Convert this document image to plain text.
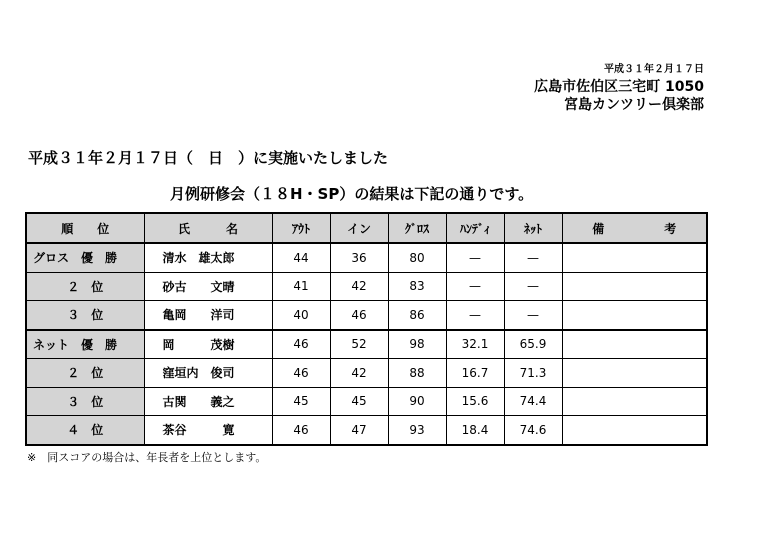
平成３１年２月１７日
広島市佐伯区三宅町 1050
宮島カンツリー倶楽部
平成３１年２月１７日（　日　）に実施いたしました
月例研修会（１８H・SP）の結果は下記の通りです。
順　　位	氏　　　名	ｱｳﾄ	イン	ｸﾞﾛｽ	ﾊﾝﾃﾞｨ	ﾈｯﾄ	備　　　　　考
グロス　優　勝	清水　雄太郎	44	36	80	—	—	
２　位	砂古　　文晴	41	42	83	—	—	
３　位	亀岡　　洋司	40	46	86	—	—	
ネット　優　勝	岡　　　茂樹	46	52	98	32.1	65.9	
２　位	窪垣内　俊司	46	42	88	16.7	71.3	
３　位	古関　　義之	45	45	90	15.6	74.4	
４　位	茶谷　　　寛	46	47	93	18.4	74.6	
※　同スコアの場合は、年長者を上位とします。
